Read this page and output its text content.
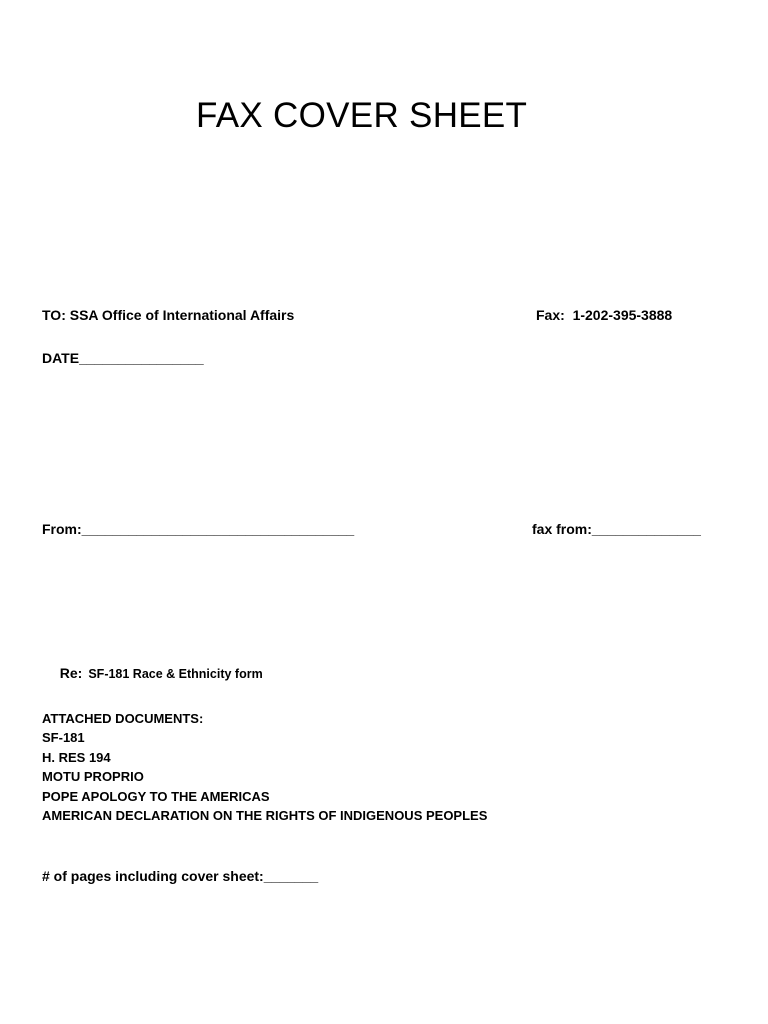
FAX COVER SHEET
TO: SSA Office of International Affairs	Fax:  1-202-395-3888
DATE________________
From:___________________________________	fax from:______________

Re: SF-181 Race & Ethnicity form

ATTACHED DOCUMENTS:
SF-181
H. RES 194
MOTU PROPRIO
POPE APOLOGY TO THE AMERICAS
AMERICAN DECLARATION ON THE RIGHTS OF INDIGENOUS PEOPLES
# of pages including cover sheet:_______
